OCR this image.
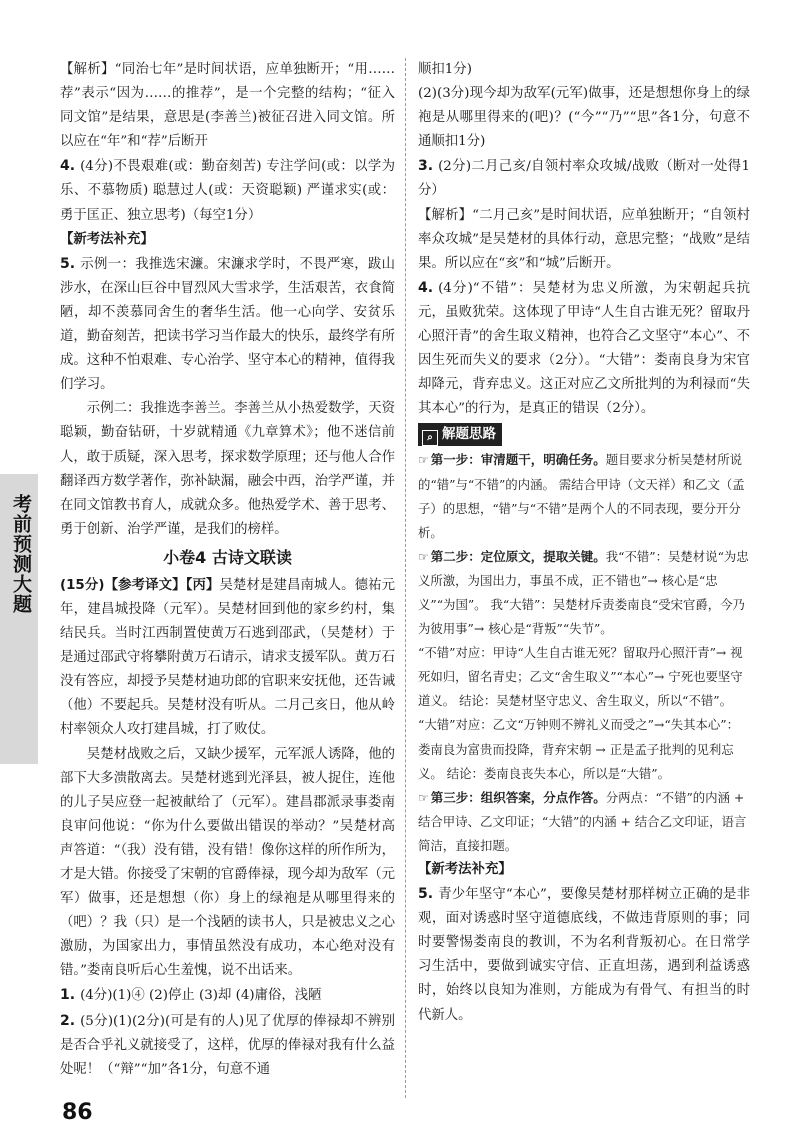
考前预测大题

【解析】“同治七年”是时间状语，应单独断开；“用……荐”表示“因为……的推荐”，是一个完整的结构；“征入同文馆”是结果，意思是(李善兰)被征召进入同文馆。所以应在“年”和“荐”后断开

4. (4分)不畏艰难(或：勤奋刻苦) 专注学问(或：以学为乐、不慕物质) 聪慧过人(或：天资聪颖) 严谨求实(或：勇于匡正、独立思考)（每空1分）

【新考法补充】

5. 示例一：我推选宋濂。宋濂求学时，不畏严寒，跋山涉水，在深山巨谷中冒烈风大雪求学，生活艰苦，衣食简陋，却不羡慕同舍生的奢华生活。他一心向学、安贫乐道，勤奋刻苦，把读书学习当作最大的快乐，最终学有所成。这种不怕艰难、专心治学、坚守本心的精神，值得我们学习。

示例二：我推选李善兰。李善兰从小热爱数学，天资聪颖，勤奋钻研，十岁就精通《九章算术》；他不迷信前人，敢于质疑，深入思考，探求数学原理；还与他人合作翻译西方数学著作，弥补缺漏，融会中西，治学严谨，并在同文馆教书育人，成就众多。他热爱学术、善于思考、勇于创新、治学严谨，是我们的榜样。

小卷4 古诗文联读

(15分)【参考译文】【丙】吴楚材是建昌南城人。德祐元年，建昌城投降（元军）。吴楚材回到他的家乡约村，集结民兵。当时江西制置使黄万石逃到邵武，（吴楚材）于是通过邵武守将攀附黄万石请示，请求支援军队。黄万石没有答应，却授予吴楚材迪功郎的官职来安抚他，还告诫（他）不要起兵。吴楚材没有听从。二月己亥日，他从岭村率领众人攻打建昌城，打了败仗。

吴楚材战败之后，又缺少援军，元军派人诱降，他的部下大多溃散离去。吴楚材逃到光泽县，被人捉住，连他的儿子吴应登一起被献给了（元军）。建昌郡派录事娄南良审问他说：“你为什么要做出错误的举动？”吴楚材高声答道：“（我）没有错，没有错！像你这样的所作所为，才是大错。你接受了宋朝的官爵俸禄，现今却为敌军（元军）做事，还是想想（你）身上的绿袍是从哪里得来的（吧）？我（只）是一个浅陋的读书人，只是被忠义之心激励，为国家出力，事情虽然没有成功，本心绝对没有错。”娄南良听后心生羞愧，说不出话来。

1. (4分)(1)④ (2)停止 (3)却 (4)庸俗，浅陋

2. (5分)(1)(2分)(可是有的人)见了优厚的俸禄却不辨别是否合乎礼义就接受了，这样，优厚的俸禄对我有什么益处呢！（“辩”“加”各1分，句意不通

顺扣1分)

(2)(3分)现今却为敌军(元军)做事，还是想想你身上的绿袍是从哪里得来的(吧)？(“今”“乃”“思”各1分，句意不通顺扣1分)

3. (2分)二月己亥/自领村率众攻城/战败（断对一处得1分）

【解析】“二月己亥”是时间状语，应单独断开；“自领村率众攻城”是吴楚材的具体行动，意思完整；“战败”是结果。所以应在“亥”和“城”后断开。

4. (4分)“不错”：吴楚材为忠义所激，为宋朝起兵抗元，虽败犹荣。这体现了甲诗“人生自古谁无死？留取丹心照汗青”的舍生取义精神，也符合乙文坚守“本心”、不因生死而失义的要求（2分）。“大错”：娄南良身为宋官却降元，背弃忠义。这正对应乙文所批判的为利禄而“失其本心”的行为，是真正的错误（2分）。

⌕ 解题思路

☞ 第一步：审清题干，明确任务。题目要求分析吴楚材所说的“错”与“不错”的内涵。 需结合甲诗（文天祥）和乙文（孟子）的思想，“错”与“不错”是两个人的不同表现，要分开分析。

☞ 第二步：定位原文，提取关键。我“不错”：吴楚材说“为忠义所激，为国出力，事虽不成，正不错也”→ 核心是“忠义”“为国”。 我“大错”：吴楚材斥责娄南良“受宋官爵，今乃为彼用事”→ 核心是“背叛”“失节”。

“不错”对应：甲诗“人生自古谁无死？留取丹心照汗青”→ 视死如归，留名青史；乙文“舍生取义”“本心”→ 宁死也要坚守道义。 结论：吴楚材坚守忠义、舍生取义，所以“不错”。

“大错”对应：乙文“万钟则不辨礼义而受之”→“失其本心”：娄南良为富贵而投降，背弃宋朝 → 正是孟子批判的见利忘义。 结论：娄南良丧失本心，所以是“大错”。

☞ 第三步：组织答案，分点作答。分两点：“不错”的内涵 + 结合甲诗、乙文印证；“大错”的内涵 + 结合乙文印证，语言简洁，直接扣题。

【新考法补充】

5. 青少年坚守“本心”，要像吴楚材那样树立正确的是非观，面对诱惑时坚守道德底线，不做违背原则的事；同时要警惕娄南良的教训，不为名利背叛初心。在日常学习生活中，要做到诚实守信、正直坦荡，遇到利益诱惑时，始终以良知为准则，方能成为有骨气、有担当的时代新人。

86
